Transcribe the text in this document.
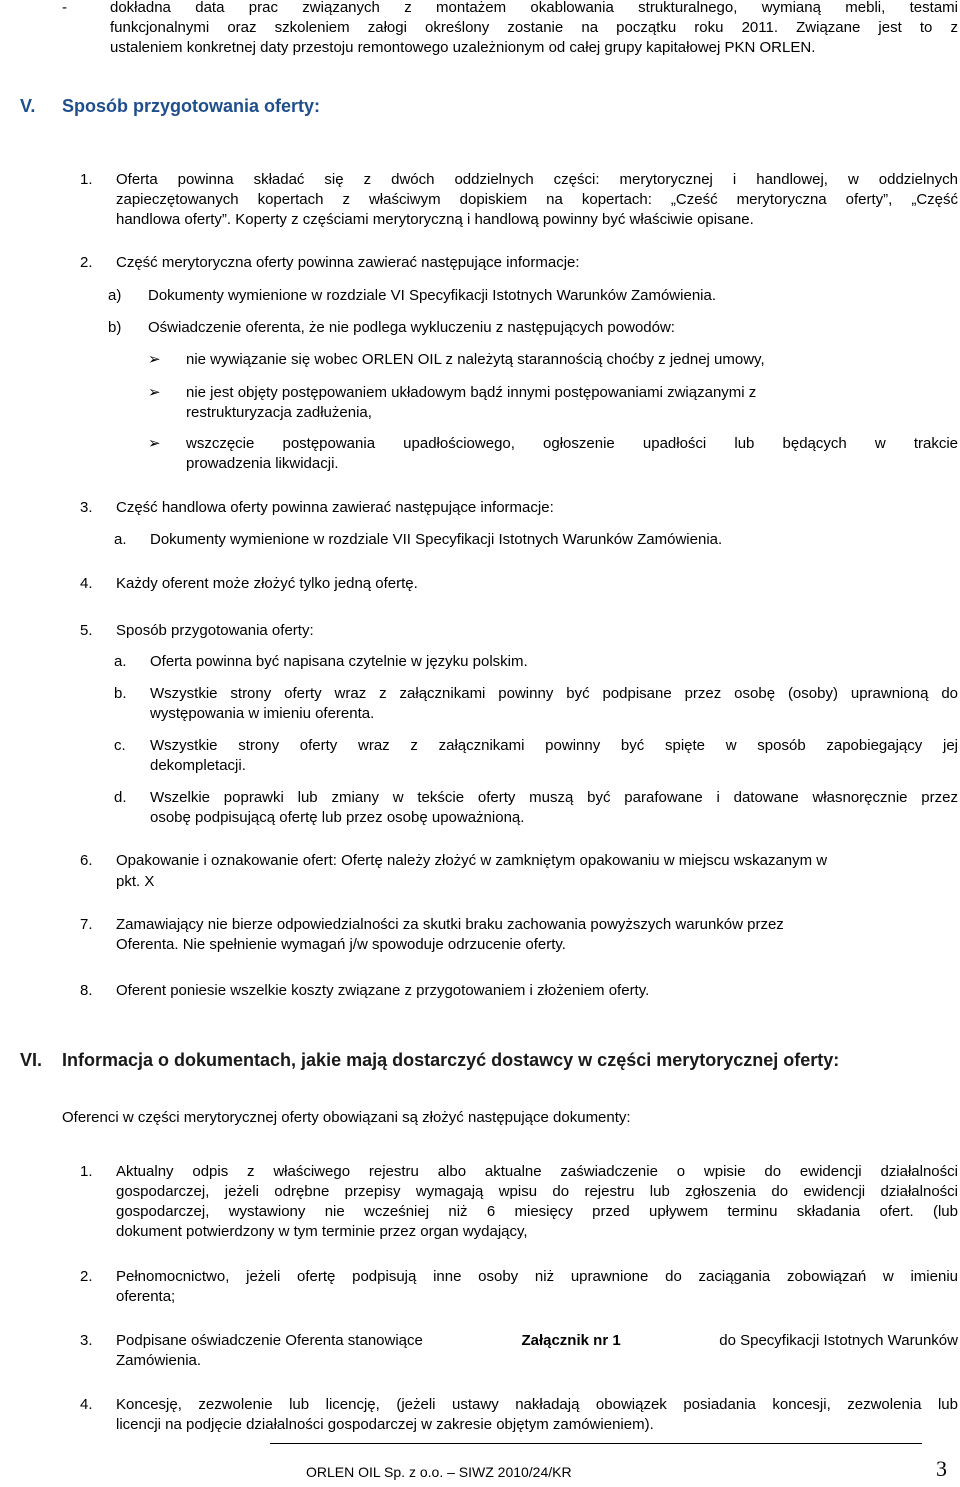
-	dokładna data prac związanych z montażem okablowania strukturalnego, wymianą mebli, testami
funkcjonalnymi oraz szkoleniem załogi określony zostanie na początku roku 2011. Związane jest to z
ustaleniem konkretnej daty przestoju remontowego uzależnionym od całej grupy kapitałowej PKN ORLEN.
V. Sposób przygotowania oferty:
1. Oferta powinna składać się z dwóch oddzielnych części: merytorycznej i handlowej, w oddzielnych
zapieczętowanych kopertach z właściwym dopiskiem na kopertach: „Cześć merytoryczna oferty”, „Część
handlowa oferty”. Koperty z częściami merytoryczną i handlową powinny być właściwie opisane.
2. Część merytoryczna oferty powinna zawierać następujące informacje:
a) Dokumenty wymienione w rozdziale VI Specyfikacji Istotnych Warunków Zamówienia.
b) Oświadczenie oferenta, że nie podlega wykluczeniu z następujących powodów:
➢ nie wywiązanie się wobec ORLEN OIL z należytą starannością choćby z jednej umowy,
➢ nie jest objęty postępowaniem układowym bądź innymi postępowaniami związanymi z
restrukturyzacja zadłużenia,
➢ wszczęcie postępowania upadłościowego, ogłoszenie upadłości lub będących w trakcie
prowadzenia likwidacji.
3. Część handlowa oferty powinna zawierać następujące informacje:
a. Dokumenty wymienione w rozdziale VII Specyfikacji Istotnych Warunków Zamówienia.
4. Każdy oferent może złożyć tylko jedną ofertę.
5. Sposób przygotowania oferty:
a. Oferta powinna być napisana czytelnie w języku polskim.
b. Wszystkie strony oferty wraz z załącznikami powinny być podpisane przez osobę (osoby) uprawnioną do
występowania w imieniu oferenta.
c. Wszystkie strony oferty wraz z załącznikami powinny być spięte w sposób zapobiegający jej
dekompletacji.
d. Wszelkie poprawki lub zmiany w tekście oferty muszą być parafowane i datowane własnoręcznie przez
osobę podpisującą ofertę lub przez osobę upoważnioną.
6. Opakowanie i oznakowanie ofert: Ofertę należy złożyć w zamkniętym opakowaniu w miejscu wskazanym w
pkt. X
7. Zamawiający nie bierze odpowiedzialności za skutki braku zachowania powyższych warunków przez
Oferenta. Nie spełnienie wymagań j/w spowoduje odrzucenie oferty.
8. Oferent poniesie wszelkie koszty związane z przygotowaniem i złożeniem oferty.
VI. Informacja o dokumentach, jakie mają dostarczyć dostawcy w części merytorycznej oferty:
Oferenci w części merytorycznej oferty obowiązani są złożyć następujące dokumenty:
1. Aktualny odpis z właściwego rejestru albo aktualne zaświadczenie o wpisie do ewidencji działalności
gospodarczej, jeżeli odrębne przepisy wymagają wpisu do rejestru lub zgłoszenia do ewidencji działalności
gospodarczej, wystawiony nie wcześniej niż 6 miesięcy przed upływem terminu składania ofert. (lub
dokument potwierdzony w tym terminie przez organ wydający,
2. Pełnomocnictwo, jeżeli ofertę podpisują inne osoby niż uprawnione do zaciągania zobowiązań w imieniu
oferenta;
3. Podpisane oświadczenie Oferenta stanowiące	Załącznik nr 1	do Specyfikacji Istotnych Warunków
Zamówienia.
4. Koncesję, zezwolenie lub licencję, (jeżeli ustawy nakładają obowiązek posiadania koncesji, zezwolenia lub
licencji na podjęcie działalności gospodarczej w zakresie objętym zamówieniem).
ORLEN OIL Sp. z o.o. – SIWZ 2010/24/KR	3
